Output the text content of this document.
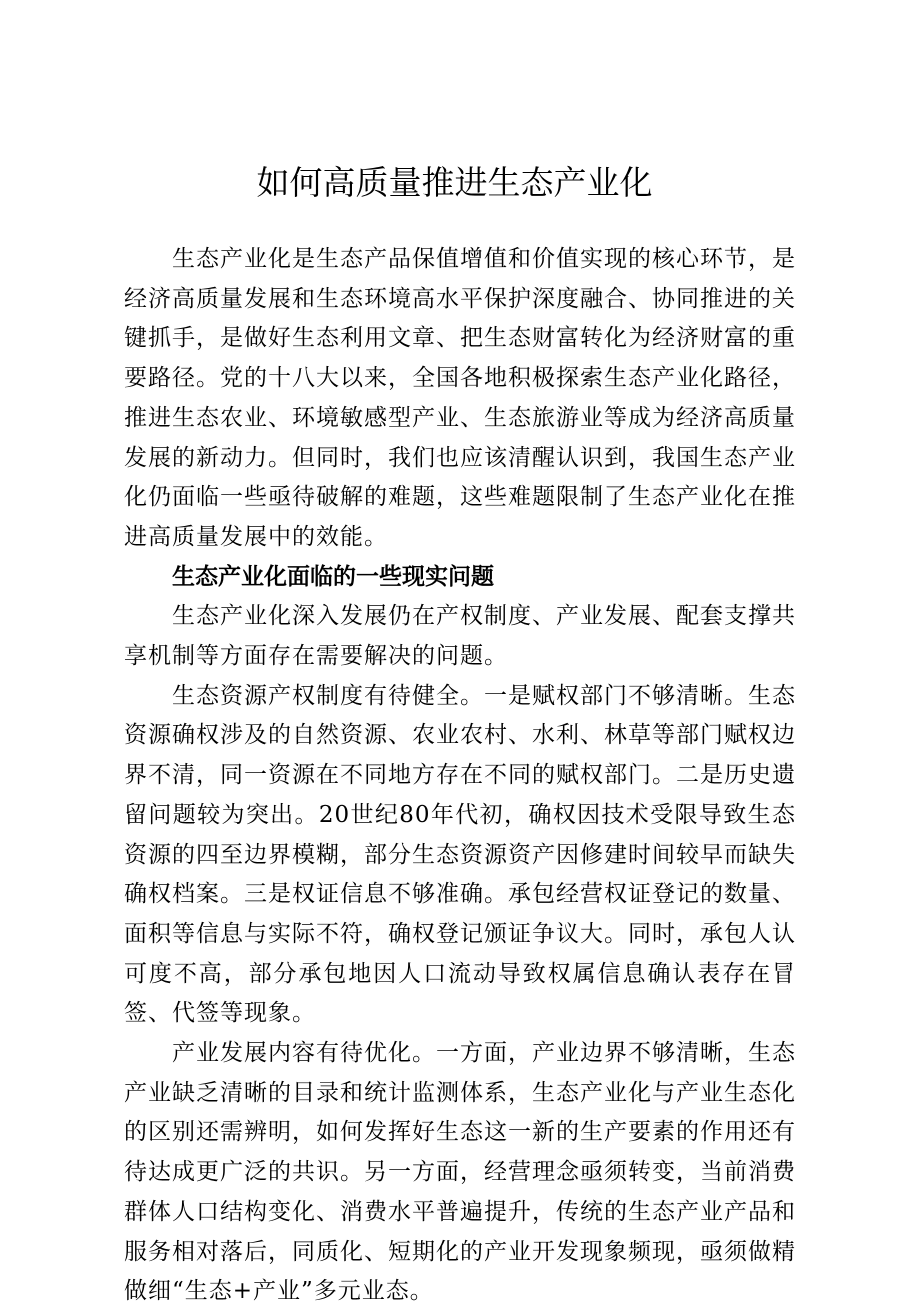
如何高质量推进生态产业化

生态产业化是生态产品保值增值和价值实现的核心环节，是经济高质量发展和生态环境高水平保护深度融合、协同推进的关键抓手，是做好生态利用文章、把生态财富转化为经济财富的重要路径。党的十八大以来，全国各地积极探索生态产业化路径，推进生态农业、环境敏感型产业、生态旅游业等成为经济高质量发展的新动力。但同时，我们也应该清醒认识到，我国生态产业化仍面临一些亟待破解的难题，这些难题限制了生态产业化在推进高质量发展中的效能。

生态产业化面临的一些现实问题

生态产业化深入发展仍在产权制度、产业发展、配套支撑共享机制等方面存在需要解决的问题。

生态资源产权制度有待健全。一是赋权部门不够清晰。生态资源确权涉及的自然资源、农业农村、水利、林草等部门赋权边界不清，同一资源在不同地方存在不同的赋权部门。二是历史遗留问题较为突出。20世纪80年代初，确权因技术受限导致生态资源的四至边界模糊，部分生态资源资产因修建时间较早而缺失确权档案。三是权证信息不够准确。承包经营权证登记的数量、面积等信息与实际不符，确权登记颁证争议大。同时，承包人认可度不高，部分承包地因人口流动导致权属信息确认表存在冒签、代签等现象。

产业发展内容有待优化。一方面，产业边界不够清晰，生态产业缺乏清晰的目录和统计监测体系，生态产业化与产业生态化的区别还需辨明，如何发挥好生态这一新的生产要素的作用还有待达成更广泛的共识。另一方面，经营理念亟须转变，当前消费群体人口结构变化、消费水平普遍提升，传统的生态产业产品和服务相对落后，同质化、短期化的产业开发现象频现，亟须做精做细“生态+产业”多元业态。
